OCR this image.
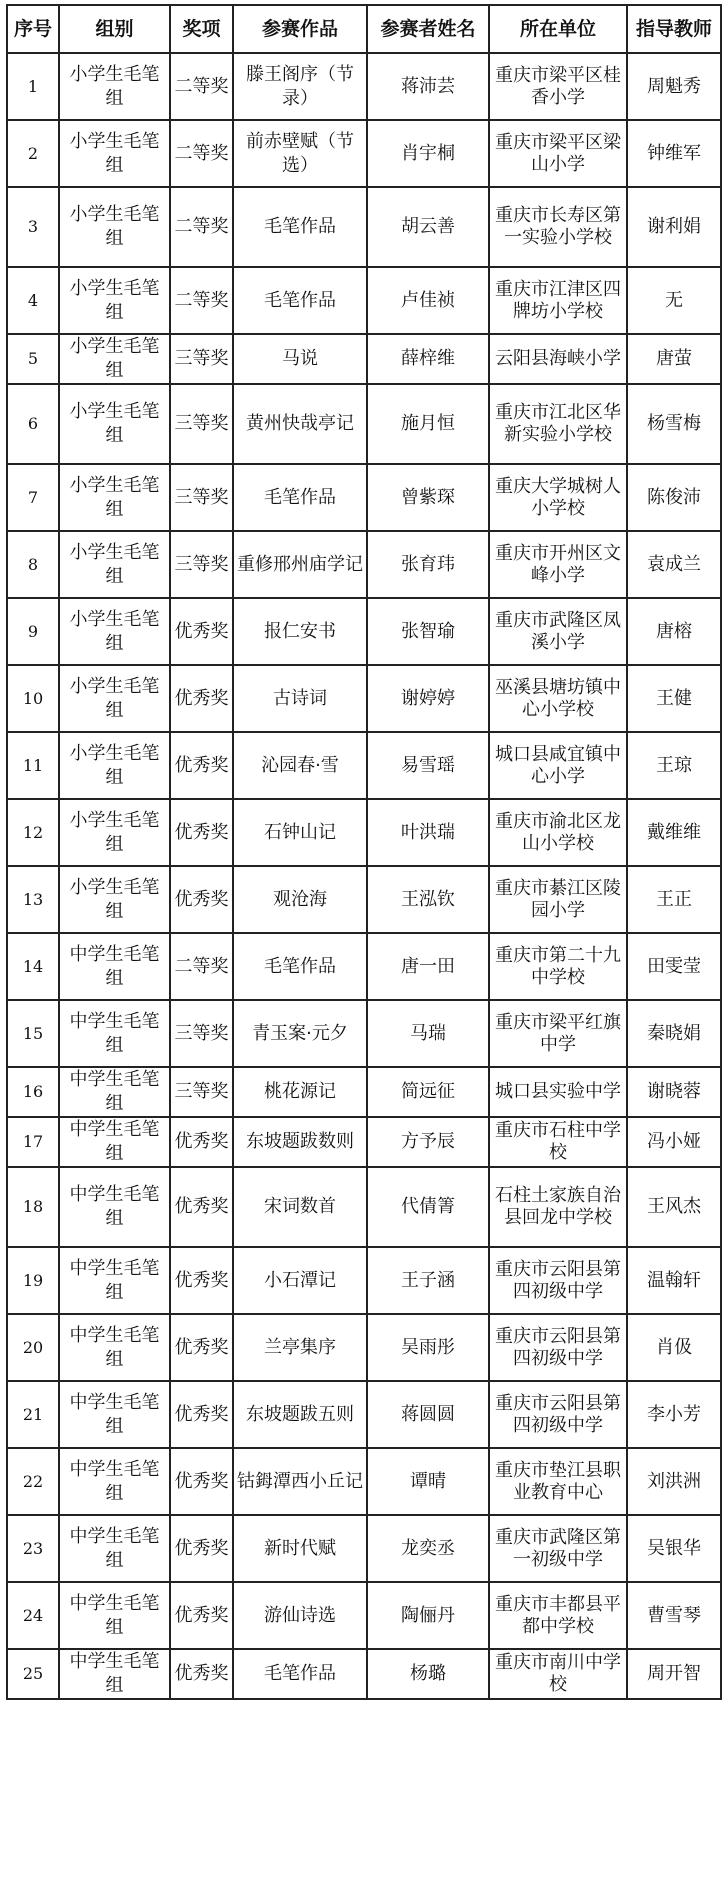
序号	组别	奖项	参赛作品	参赛者姓名	所在单位	指导教师
1	小学生毛笔组	二等奖	滕王阁序（节录）	蒋沛芸	重庆市梁平区桂香小学	周魁秀
2	小学生毛笔组	二等奖	前赤壁赋（节选）	肖宇桐	重庆市梁平区梁山小学	钟维军
3	小学生毛笔组	二等奖	毛笔作品	胡云善	重庆市长寿区第一实验小学校	谢利娟
4	小学生毛笔组	二等奖	毛笔作品	卢佳祯	重庆市江津区四牌坊小学校	无
5	小学生毛笔组	三等奖	马说	薛梓维	云阳县海峡小学	唐萤
6	小学生毛笔组	三等奖	黄州快哉亭记	施月恒	重庆市江北区华新实验小学校	杨雪梅
7	小学生毛笔组	三等奖	毛笔作品	曾紫琛	重庆大学城树人小学校	陈俊沛
8	小学生毛笔组	三等奖	重修邢州庙学记	张育玮	重庆市开州区文峰小学	袁成兰
9	小学生毛笔组	优秀奖	报仁安书	张智瑜	重庆市武隆区凤溪小学	唐榕
10	小学生毛笔组	优秀奖	古诗词	谢婷婷	巫溪县塘坊镇中心小学校	王健
11	小学生毛笔组	优秀奖	沁园春·雪	易雪瑶	城口县咸宜镇中心小学	王琼
12	小学生毛笔组	优秀奖	石钟山记	叶洪瑞	重庆市渝北区龙山小学校	戴维维
13	小学生毛笔组	优秀奖	观沧海	王泓钦	重庆市綦江区陵园小学	王正
14	中学生毛笔组	二等奖	毛笔作品	唐一田	重庆市第二十九中学校	田雯莹
15	中学生毛笔组	三等奖	青玉案·元夕	马瑞	重庆市梁平红旗中学	秦晓娟
16	中学生毛笔组	三等奖	桃花源记	简远征	城口县实验中学	谢晓蓉
17	中学生毛笔组	优秀奖	东坡题跋数则	方予辰	重庆市石柱中学校	冯小娅
18	中学生毛笔组	优秀奖	宋词数首	代倩箐	石柱土家族自治县回龙中学校	王风杰
19	中学生毛笔组	优秀奖	小石潭记	王子涵	重庆市云阳县第四初级中学	温翰轩
20	中学生毛笔组	优秀奖	兰亭集序	吴雨彤	重庆市云阳县第四初级中学	肖伋
21	中学生毛笔组	优秀奖	东坡题跋五则	蒋圆圆	重庆市云阳县第四初级中学	李小芳
22	中学生毛笔组	优秀奖	钴鉧潭西小丘记	谭晴	重庆市垫江县职业教育中心	刘洪洲
23	中学生毛笔组	优秀奖	新时代赋	龙奕丞	重庆市武隆区第一初级中学	吴银华
24	中学生毛笔组	优秀奖	游仙诗选	陶俪丹	重庆市丰都县平都中学校	曹雪琴
25	中学生毛笔组	优秀奖	毛笔作品	杨璐	重庆市南川中学校	周开智
